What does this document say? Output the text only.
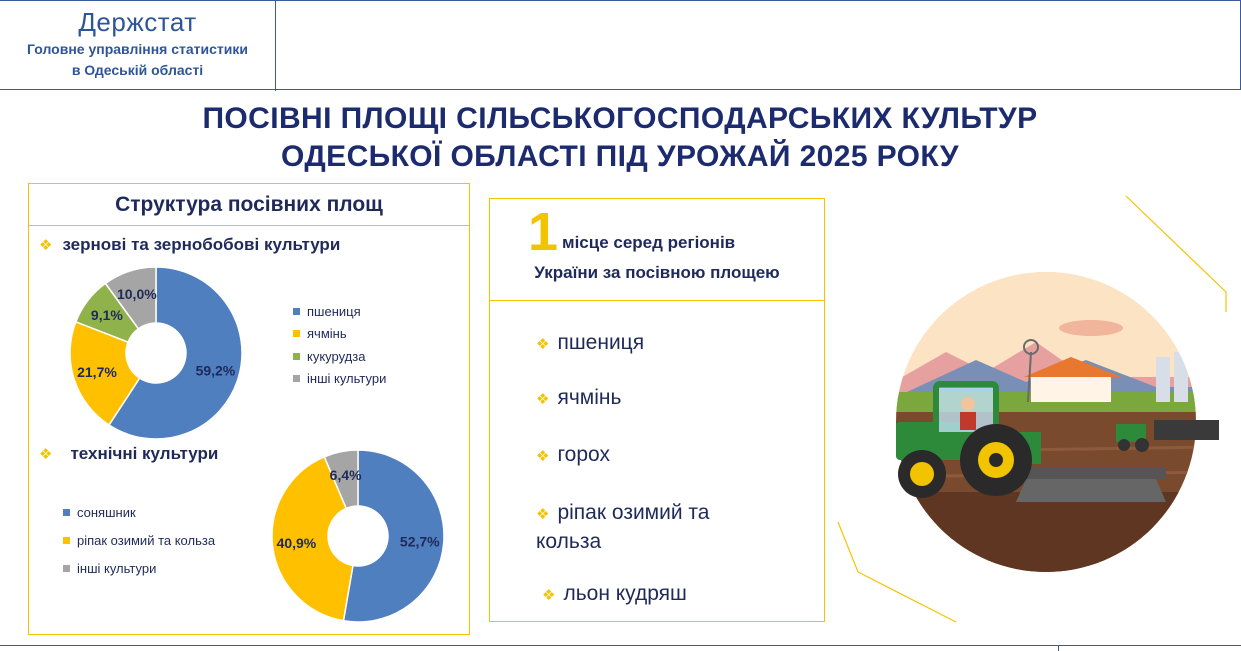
Держстат
Головне управління статистики
в Одеській області
ПОСІВНІ ПЛОЩІ СІЛЬСЬКОГОСПОДАРСЬКИХ КУЛЬТУР
ОДЕСЬКОЇ ОБЛАСТІ ПІД УРОЖАЙ 2025 РОКУ
Структура посівних площ
❖ зернові та зернобобові культури
59,2%
21,7%
9,1%
10,0%
пшениця
ячмінь
кукурудза
інші культури
❖ технічні культури
соняшник
ріпак озимий та кольза
інші культури
52,7%
40,9%
6,4%
1 місце серед регіонів
України за посівною площею
❖ пшениця
❖ ячмінь
❖ горох
❖ ріпак озимий та кольза
❖ льон кудряш
